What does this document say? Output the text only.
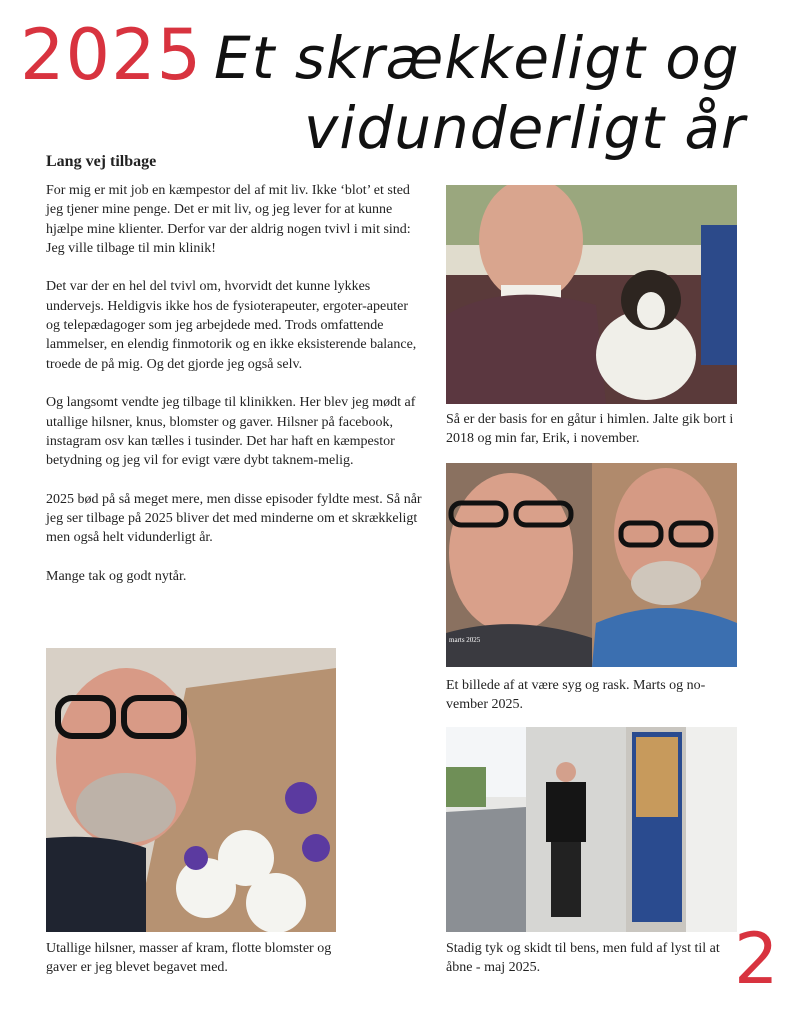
2025 Et skrækkeligt og
vidunderligt år
Lang vej tilbage

For mig er mit job en kæmpestor del af mit liv. Ikke ‘blot’ et sted jeg tjener mine penge. Det er mit liv, og jeg lever for at kunne hjælpe mine klienter. Derfor var der aldrig nogen tvivl i mit sind: Jeg ville tilbage til min klinik!

Det var der en hel del tvivl om, hvorvidt det kunne lykkes undervejs. Heldigvis ikke hos de fysioterapeuter, ergoter-apeuter og telepædagoger som jeg arbejdede med. Trods omfattende lammelser, en elendig finmotorik og en ikke eksisterende balance, troede de på mig. Og det gjorde jeg også selv.

Og langsomt vendte jeg tilbage til klinikken. Her blev jeg mødt af utallige hilsner, knus, blomster og gaver. Hilsner på facebook, instagram osv kan tælles i tusinder. Det har haft en kæmpestor betydning og jeg vil for evigt være dybt taknem-melig.

2025 bød på så meget mere, men disse episoder fyldte mest. Så når jeg ser tilbage på 2025 bliver det med minderne om et skrækkeligt men også helt vidunderligt år.

Mange tak og godt nytår.

Så er der basis for en gåtur i himlen. Jalte gik bort i 2018 og min far, Erik, i november.
marts 2025
Et billede af at være syg og rask. Marts og no-vember 2025.
Utallige hilsner, masser af kram, flotte blomster og gaver er jeg blevet begavet med.
Stadig tyk og skidt til bens, men fuld af lyst til at åbne - maj 2025.	2
